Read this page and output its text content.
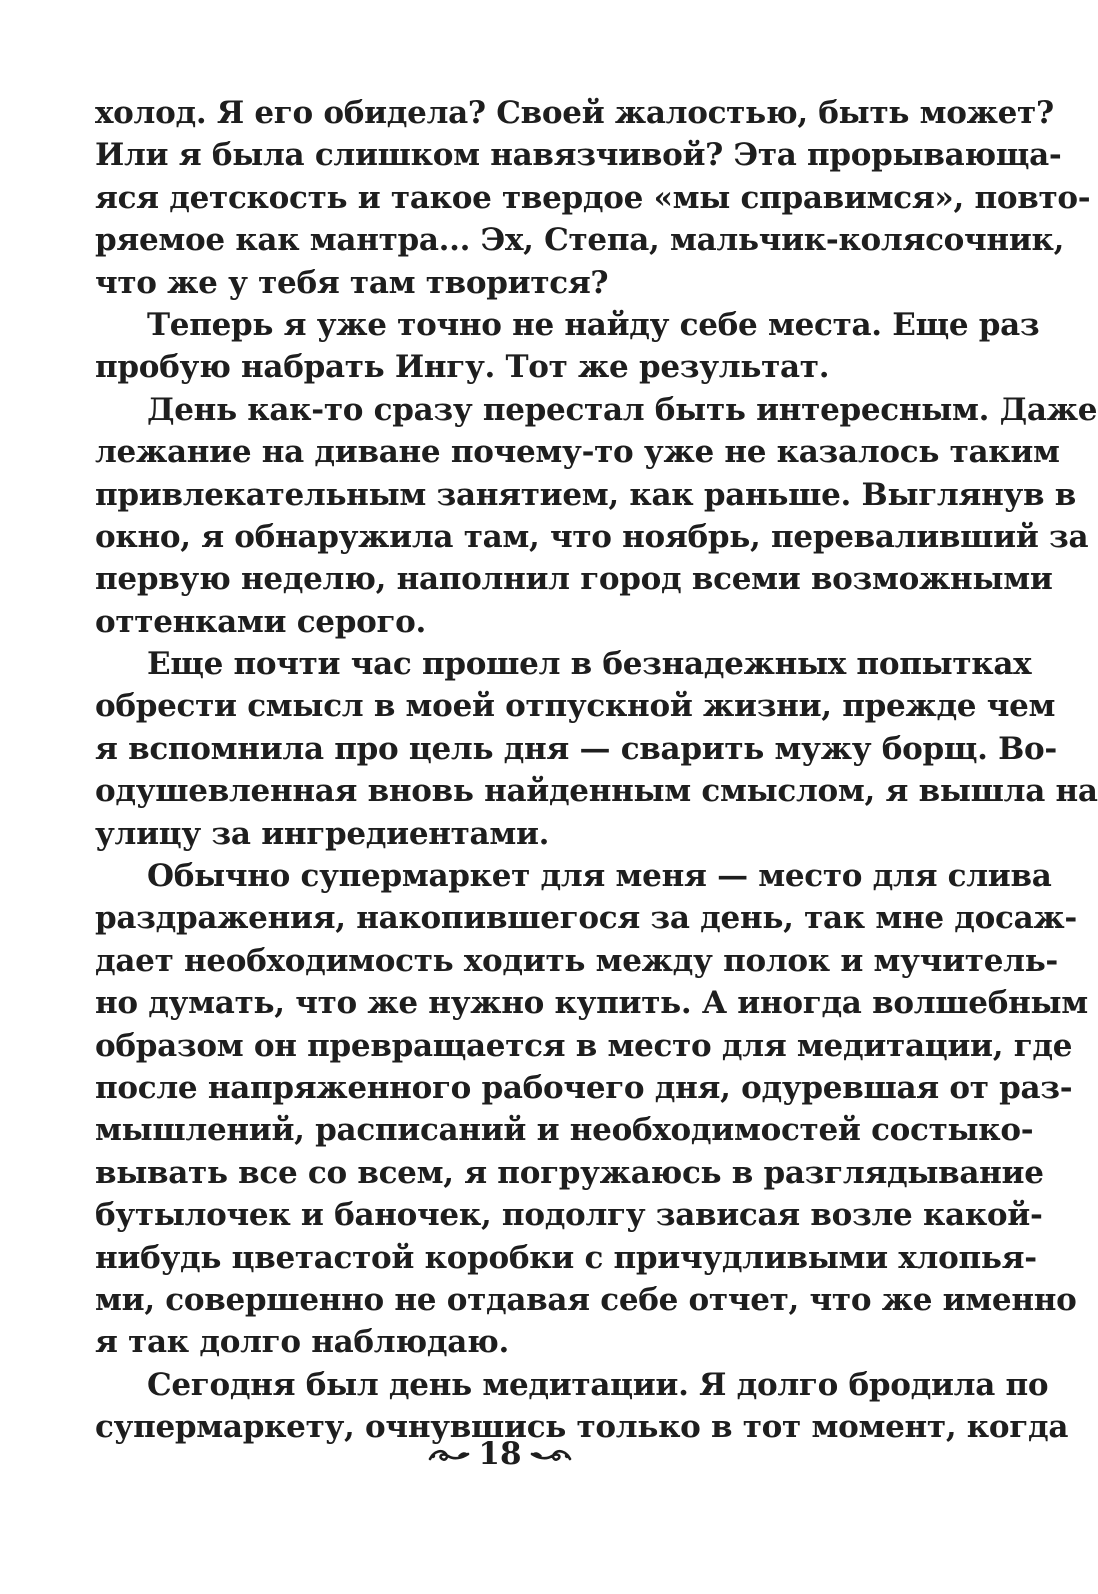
холод. Я его обидела? Своей жалостью, быть может?
Или я была слишком навязчивой? Эта прорывающа-
яся детскость и такое твердое «мы справимся», повто-
ряемое как мантра... Эх, Степа, мальчик-колясочник,
что же у тебя там творится?
Теперь я уже точно не найду себе места. Еще раз
пробую набрать Ингу. Тот же результат.
День как-то сразу перестал быть интересным. Даже
лежание на диване почему-то уже не казалось таким
привлекательным занятием, как раньше. Выглянув в
окно, я обнаружила там, что ноябрь, переваливший за
первую неделю, наполнил город всеми возможными
оттенками серого.
Еще почти час прошел в безнадежных попытках
обрести смысл в моей отпускной жизни, прежде чем
я вспомнила про цель дня — сварить мужу борщ. Во-
одушевленная вновь найденным смыслом, я вышла на
улицу за ингредиентами.
Обычно супермаркет для меня — место для слива
раздражения, накопившегося за день, так мне досаж-
дает необходимость ходить между полок и мучитель-
но думать, что же нужно купить. А иногда волшебным
образом он превращается в место для медитации, где
после напряженного рабочего дня, одуревшая от раз-
мышлений, расписаний и необходимостей состыко-
вывать все со всем, я погружаюсь в разглядывание
бутылочек и баночек, подолгу зависая возле какой-
нибудь цветастой коробки с причудливыми хлопья-
ми, совершенно не отдавая себе отчет, что же именно
я так долго наблюдаю.
Сегодня был день медитации. Я долго бродила по
супермаркету, очнувшись только в тот момент, когда
18
